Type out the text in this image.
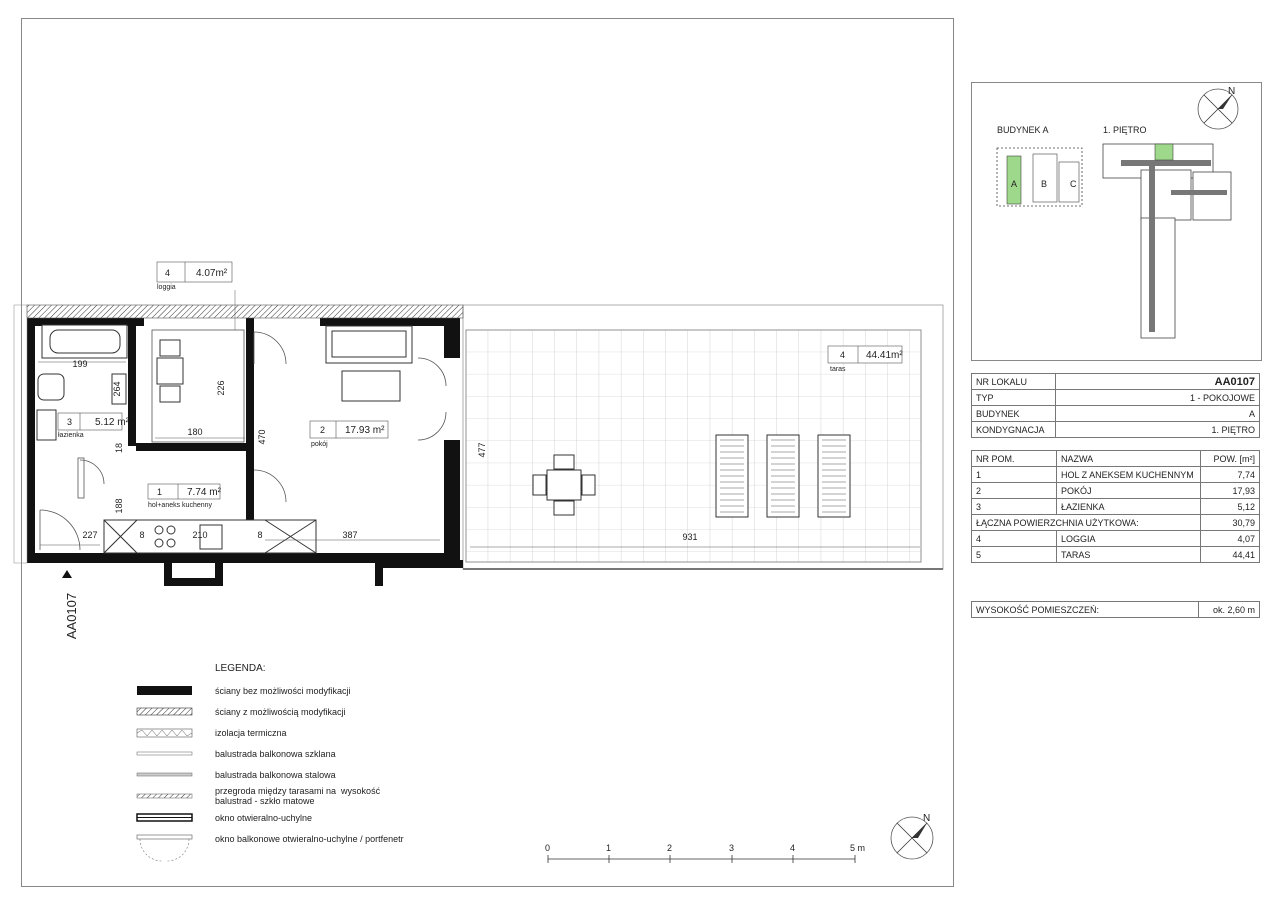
199
264	226
180	470
477
18
188
227	8	210	8	387	931
3 5.12 m²
łazienka
1 7.74 m²
hol+aneks kuchenny
2 17.93 m²
pokój
4	4.07m²
loggia
4 44.41m²
taras
AA0107
0	1	2	3	4	5 m
N
LEGENDA:
ściany bez możliwości modyfikacji
ściany z możliwością modyfikacji
izolacja termiczna
balustrada balkonowa szklana
balustrada balkonowa stalowa
przegroda między tarasami na  wysokość
balustrad - szkło matowe
okno otwieralno-uchylne
okno balkonowe otwieralno-uchylne / portfenetr
BUDYNEK A	1. PIĘTRO
A	B	C
N
NR LOKALU	AA0107
TYP	1 - POKOJOWE
BUDYNEK	A
KONDYGNACJA	1. PIĘTRO
NR POM.	NAZWA	POW. [m²]
1	HOL Z ANEKSEM KUCHENNYM	7,74
2	POKÓJ	17,93
3	ŁAZIENKA	5,12
ŁĄCZNA POWIERZCHNIA UŻYTKOWA:		30,79
4	LOGGIA	4,07
5	TARAS	44,41
WYSOKOŚĆ POMIESZCZEŃ:	ok. 2,60 m
